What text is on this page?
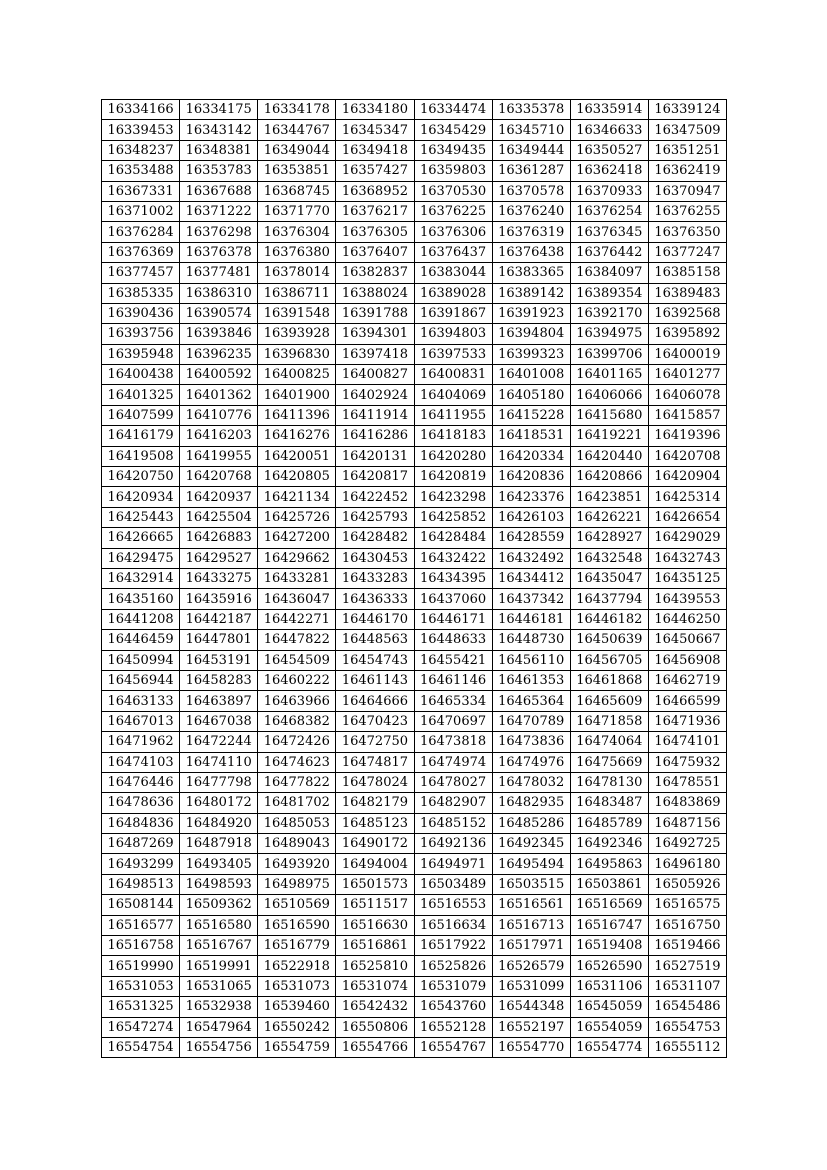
16334166	16334175	16334178	16334180	16334474	16335378	16335914	16339124
16339453	16343142	16344767	16345347	16345429	16345710	16346633	16347509
16348237	16348381	16349044	16349418	16349435	16349444	16350527	16351251
16353488	16353783	16353851	16357427	16359803	16361287	16362418	16362419
16367331	16367688	16368745	16368952	16370530	16370578	16370933	16370947
16371002	16371222	16371770	16376217	16376225	16376240	16376254	16376255
16376284	16376298	16376304	16376305	16376306	16376319	16376345	16376350
16376369	16376378	16376380	16376407	16376437	16376438	16376442	16377247
16377457	16377481	16378014	16382837	16383044	16383365	16384097	16385158
16385335	16386310	16386711	16388024	16389028	16389142	16389354	16389483
16390436	16390574	16391548	16391788	16391867	16391923	16392170	16392568
16393756	16393846	16393928	16394301	16394803	16394804	16394975	16395892
16395948	16396235	16396830	16397418	16397533	16399323	16399706	16400019
16400438	16400592	16400825	16400827	16400831	16401008	16401165	16401277
16401325	16401362	16401900	16402924	16404069	16405180	16406066	16406078
16407599	16410776	16411396	16411914	16411955	16415228	16415680	16415857
16416179	16416203	16416276	16416286	16418183	16418531	16419221	16419396
16419508	16419955	16420051	16420131	16420280	16420334	16420440	16420708
16420750	16420768	16420805	16420817	16420819	16420836	16420866	16420904
16420934	16420937	16421134	16422452	16423298	16423376	16423851	16425314
16425443	16425504	16425726	16425793	16425852	16426103	16426221	16426654
16426665	16426883	16427200	16428482	16428484	16428559	16428927	16429029
16429475	16429527	16429662	16430453	16432422	16432492	16432548	16432743
16432914	16433275	16433281	16433283	16434395	16434412	16435047	16435125
16435160	16435916	16436047	16436333	16437060	16437342	16437794	16439553
16441208	16442187	16442271	16446170	16446171	16446181	16446182	16446250
16446459	16447801	16447822	16448563	16448633	16448730	16450639	16450667
16450994	16453191	16454509	16454743	16455421	16456110	16456705	16456908
16456944	16458283	16460222	16461143	16461146	16461353	16461868	16462719
16463133	16463897	16463966	16464666	16465334	16465364	16465609	16466599
16467013	16467038	16468382	16470423	16470697	16470789	16471858	16471936
16471962	16472244	16472426	16472750	16473818	16473836	16474064	16474101
16474103	16474110	16474623	16474817	16474974	16474976	16475669	16475932
16476446	16477798	16477822	16478024	16478027	16478032	16478130	16478551
16478636	16480172	16481702	16482179	16482907	16482935	16483487	16483869
16484836	16484920	16485053	16485123	16485152	16485286	16485789	16487156
16487269	16487918	16489043	16490172	16492136	16492345	16492346	16492725
16493299	16493405	16493920	16494004	16494971	16495494	16495863	16496180
16498513	16498593	16498975	16501573	16503489	16503515	16503861	16505926
16508144	16509362	16510569	16511517	16516553	16516561	16516569	16516575
16516577	16516580	16516590	16516630	16516634	16516713	16516747	16516750
16516758	16516767	16516779	16516861	16517922	16517971	16519408	16519466
16519990	16519991	16522918	16525810	16525826	16526579	16526590	16527519
16531053	16531065	16531073	16531074	16531079	16531099	16531106	16531107
16531325	16532938	16539460	16542432	16543760	16544348	16545059	16545486
16547274	16547964	16550242	16550806	16552128	16552197	16554059	16554753
16554754	16554756	16554759	16554766	16554767	16554770	16554774	16555112
